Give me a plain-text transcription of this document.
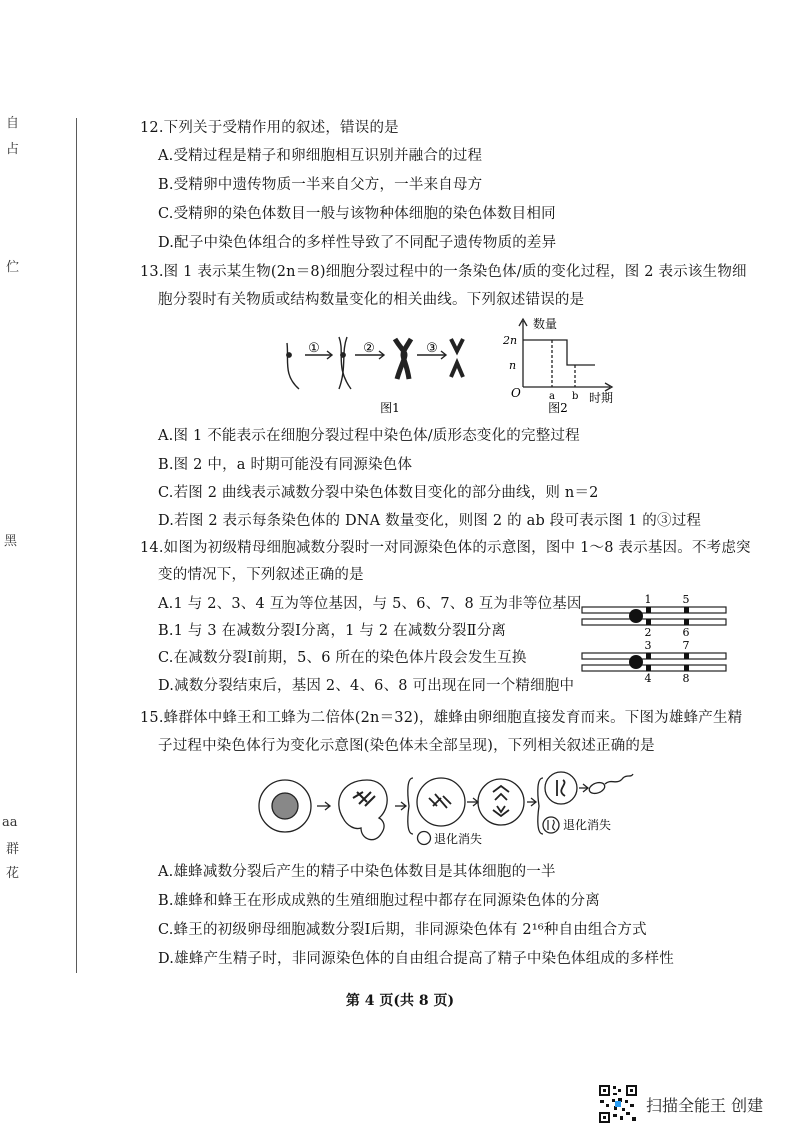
自
占
伫
黑
aa
群
花
12.下列关于受精作用的叙述，错误的是
A.受精过程是精子和卵细胞相互识别并融合的过程
B.受精卵中遗传物质一半来自父方，一半来自母方
C.受精卵的染色体数目一般与该物种体细胞的染色体数目相同
D.配子中染色体组合的多样性导致了不同配子遗传物质的差异
13.图 1 表示某生物(2n＝8)细胞分裂过程中的一条染色体/质的变化过程，图 2 表示该生物细
胞分裂时有关物质或结构数量变化的相关曲线。下列叙述错误的是
①	②	③
图1
数量
2n
n
a b
O	时期
图2
A.图 1 不能表示在细胞分裂过程中染色体/质形态变化的完整过程
B.图 2 中，a 时期可能没有同源染色体
C.若图 2 曲线表示减数分裂中染色体数目变化的部分曲线，则 n＝2
D.若图 2 表示每条染色体的 DNA 数量变化，则图 2 的 ab 段可表示图 1 的③过程
14.如图为初级精母细胞减数分裂时一对同源染色体的示意图，图中 1～8 表示基因。不考虑突
变的情况下，下列叙述正确的是
A.1 与 2、3、4 互为等位基因，与 5、6、7、8 互为非等位基因
B.1 与 3 在减数分裂Ⅰ分离，1 与 2 在减数分裂Ⅱ分离
C.在减数分裂Ⅰ前期，5、6 所在的染色体片段会发生互换
D.减数分裂结束后，基因 2、4、6、8 可出现在同一个精细胞中
1	5
2	6
3	7
4	8
15.蜂群体中蜂王和工蜂为二倍体(2n＝32)，雄蜂由卵细胞直接发育而来。下图为雄蜂产生精
子过程中染色体行为变化示意图(染色体未全部呈现)，下列相关叙述正确的是
退化消失
退化消失
A.雄蜂减数分裂后产生的精子中染色体数目是其体细胞的一半
B.雄蜂和蜂王在形成成熟的生殖细胞过程中都存在同源染色体的分离
C.蜂王的初级卵母细胞减数分裂Ⅰ后期，非同源染色体有 2¹⁶种自由组合方式
D.雄蜂产生精子时，非同源染色体的自由组合提高了精子中染色体组成的多样性
第 4 页(共 8 页)
扫描全能王 创建
